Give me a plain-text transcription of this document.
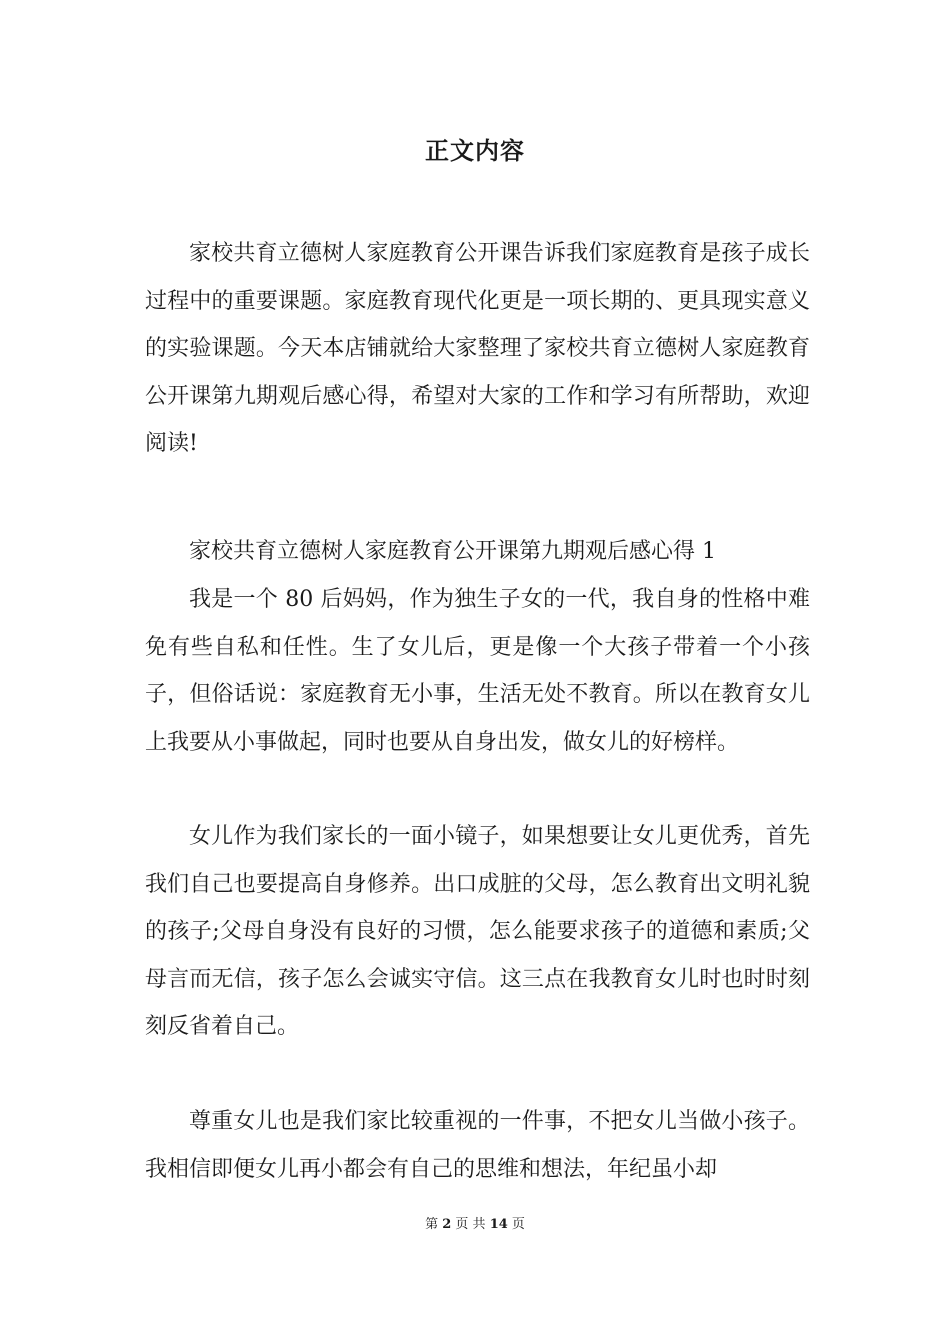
正文内容

家校共育立德树人家庭教育公开课告诉我们家庭教育是孩子成长过程中的重要课题。家庭教育现代化更是一项长期的、更具现实意义的实验课题。今天本店铺就给大家整理了家校共育立德树人家庭教育公开课第九期观后感心得，希望对大家的工作和学习有所帮助，欢迎阅读!

家校共育立德树人家庭教育公开课第九期观后感心得 1

我是一个 80 后妈妈，作为独生子女的一代，我自身的性格中难免有些自私和任性。生了女儿后，更是像一个大孩子带着一个小孩子，但俗话说：家庭教育无小事，生活无处不教育。所以在教育女儿上我要从小事做起，同时也要从自身出发，做女儿的好榜样。

女儿作为我们家长的一面小镜子，如果想要让女儿更优秀，首先我们自己也要提高自身修养。出口成脏的父母，怎么教育出文明礼貌的孩子;父母自身没有良好的习惯，怎么能要求孩子的道德和素质;父母言而无信，孩子怎么会诚实守信。这三点在我教育女儿时也时时刻刻反省着自己。

尊重女儿也是我们家比较重视的一件事，不把女儿当做小孩子。我相信即便女儿再小都会有自己的思维和想法，年纪虽小却

第 2 页 共 14 页
